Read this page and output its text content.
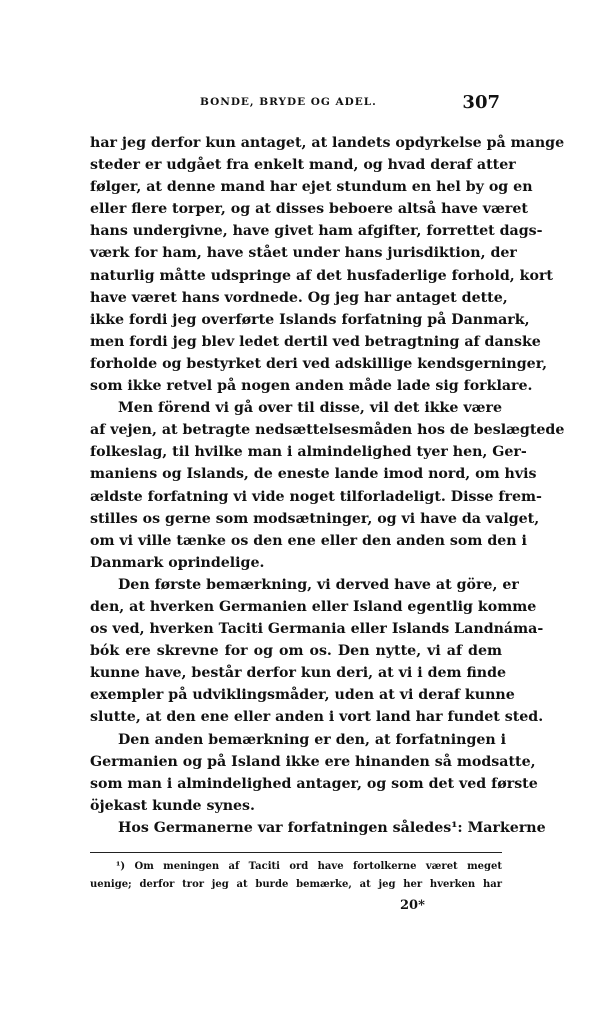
BONDE, BRYDE OG ADEL.	307
har jeg derfor kun antaget, at landets opdyrkelse på mange
steder er udgået fra enkelt mand, og hvad deraf atter
følger, at denne mand har ejet stundum en hel by og en
eller flere torper, og at disses beboere altså have været
hans undergivne, have givet ham afgifter, forrettet dags-
værk for ham, have stået under hans jurisdiktion, der
naturlig måtte udspringe af det husfaderlige forhold, kort
have været hans vordnede. Og jeg har antaget dette,
ikke fordi jeg overførte Islands forfatning på Danmark,
men fordi jeg blev ledet dertil ved betragtning af danske
forholde og bestyrket deri ved adskillige kendsgerninger,
som ikke retvel på nogen anden måde lade sig forklare.
Men förend vi gå over til disse, vil det ikke være
af vejen, at betragte nedsættelsesmåden hos de beslægtede
folkeslag, til hvilke man i almindelighed tyer hen, Ger-
maniens og Islands, de eneste lande imod nord, om hvis
ældste forfatning vi vide noget tilforladeligt. Disse frem-
stilles os gerne som modsætninger, og vi have da valget,
om vi ville tænke os den ene eller den anden som den i
Danmark oprindelige.
Den første bemærkning, vi derved have at göre, er
den, at hverken Germanien eller Island egentlig komme
os ved, hverken Taciti Germania eller Islands Landnáma-
bók ere skrevne for og om os. Den nytte, vi af dem
kunne have, består derfor kun deri, at vi i dem finde
exempler på udviklingsmåder, uden at vi deraf kunne
slutte, at den ene eller anden i vort land har fundet sted.
Den anden bemærkning er den, at forfatningen i
Germanien og på Island ikke ere hinanden så modsatte,
som man i almindelighed antager, og som det ved første
öjekast kunde synes.
Hos Germanerne var forfatningen således¹: Markerne
¹) Om meningen af Taciti ord have fortolkerne været meget
uenige; derfor tror jeg at burde bemærke, at jeg her hverken har
20*
